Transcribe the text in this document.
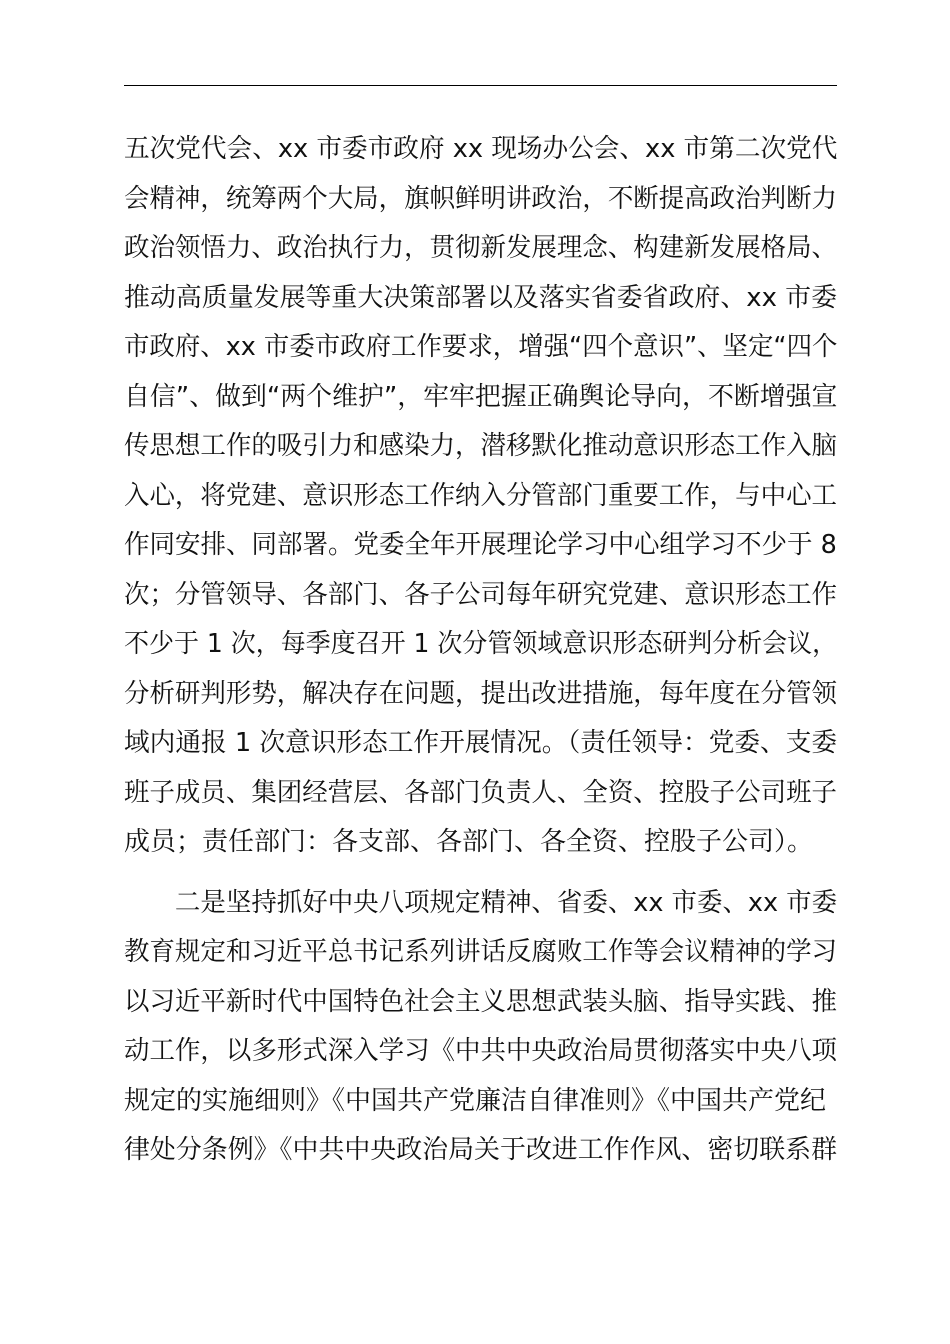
五次党代会、xx 市委市政府 xx 现场办公会、xx 市第二次党代
会精神，统筹两个大局，旗帜鲜明讲政治，不断提高政治判断力
政治领悟力、政治执行力，贯彻新发展理念、构建新发展格局、
推动高质量发展等重大决策部署以及落实省委省政府、xx 市委
市政府、xx 市委市政府工作要求，增强“四个意识”、坚定“四个
自信”、做到“两个维护”，牢牢把握正确舆论导向，不断增强宣
传思想工作的吸引力和感染力，潜移默化推动意识形态工作入脑
入心，将党建、意识形态工作纳入分管部门重要工作，与中心工
作同安排、同部署。党委全年开展理论学习中心组学习不少于 8
次；分管领导、各部门、各子公司每年研究党建、意识形态工作
不少于 1 次，每季度召开 1 次分管领域意识形态研判分析会议，
分析研判形势，解决存在问题，提出改进措施，每年度在分管领
域内通报 1 次意识形态工作开展情况。（责任领导：党委、支委
班子成员、集团经营层、各部门负责人、全资、控股子公司班子
成员；责任部门：各支部、各部门、各全资、控股子公司）。
　　二是坚持抓好中央八项规定精神、省委、xx 市委、xx 市委
教育规定和习近平总书记系列讲话反腐败工作等会议精神的学习
以习近平新时代中国特色社会主义思想武装头脑、指导实践、推
动工作，以多形式深入学习《中共中央政治局贯彻落实中央八项
规定的实施细则》《中国共产党廉洁自律准则》《中国共产党纪
律处分条例》《中共中央政治局关于改进工作作风、密切联系群
